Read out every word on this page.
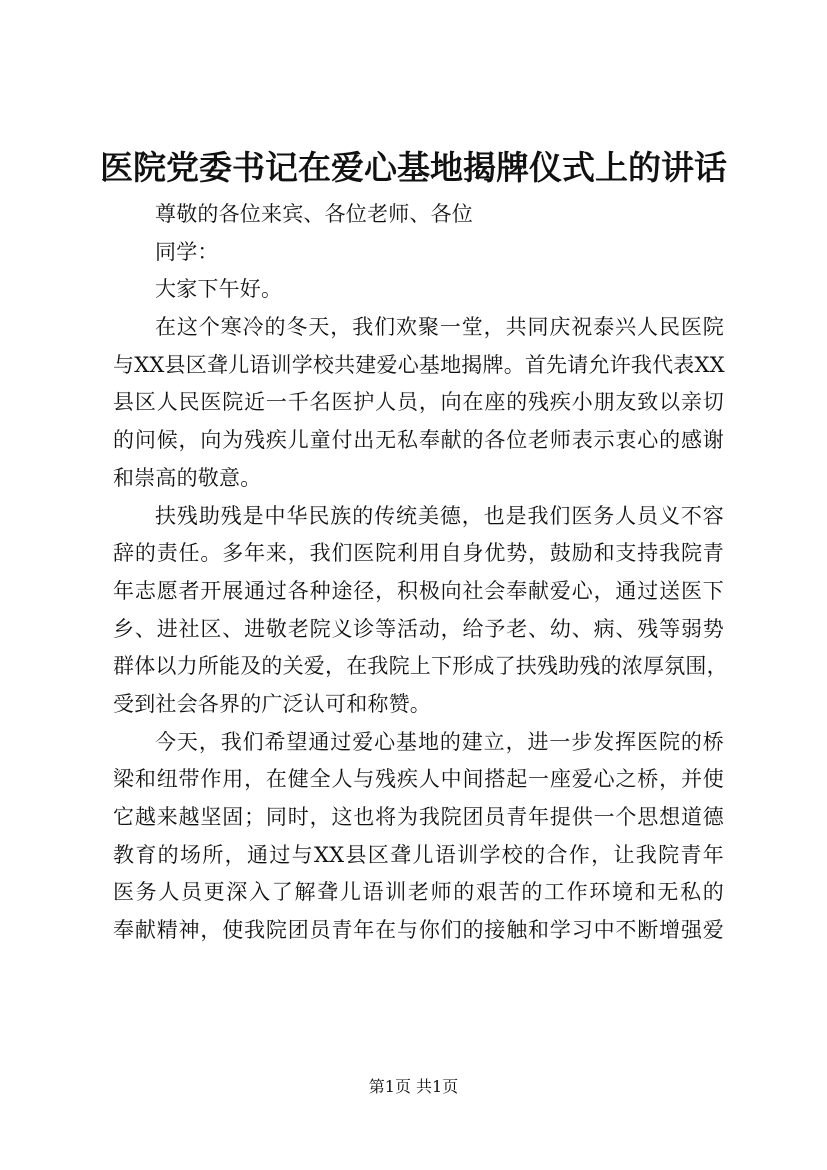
医院党委书记在爱心基地揭牌仪式上的讲话
尊敬的各位来宾、各位老师、各位
同学：
大家下午好。
在这个寒冷的冬天，我们欢聚一堂，共同庆祝泰兴人民医院
与XX县区聋儿语训学校共建爱心基地揭牌。首先请允许我代表XX
县区人民医院近一千名医护人员，向在座的残疾小朋友致以亲切
的问候，向为残疾儿童付出无私奉献的各位老师表示衷心的感谢
和崇高的敬意。
扶残助残是中华民族的传统美德，也是我们医务人员义不容
辞的责任。多年来，我们医院利用自身优势，鼓励和支持我院青
年志愿者开展通过各种途径，积极向社会奉献爱心，通过送医下
乡、进社区、进敬老院义诊等活动，给予老、幼、病、残等弱势
群体以力所能及的关爱，在我院上下形成了扶残助残的浓厚氛围，
受到社会各界的广泛认可和称赞。
今天，我们希望通过爱心基地的建立，进一步发挥医院的桥
梁和纽带作用，在健全人与残疾人中间搭起一座爱心之桥，并使
它越来越坚固；同时，这也将为我院团员青年提供一个思想道德
教育的场所，通过与XX县区聋儿语训学校的合作，让我院青年
医务人员更深入了解聋儿语训老师的艰苦的工作环境和无私的
奉献精神，使我院团员青年在与你们的接触和学习中不断增强爱
第1页 共1页
